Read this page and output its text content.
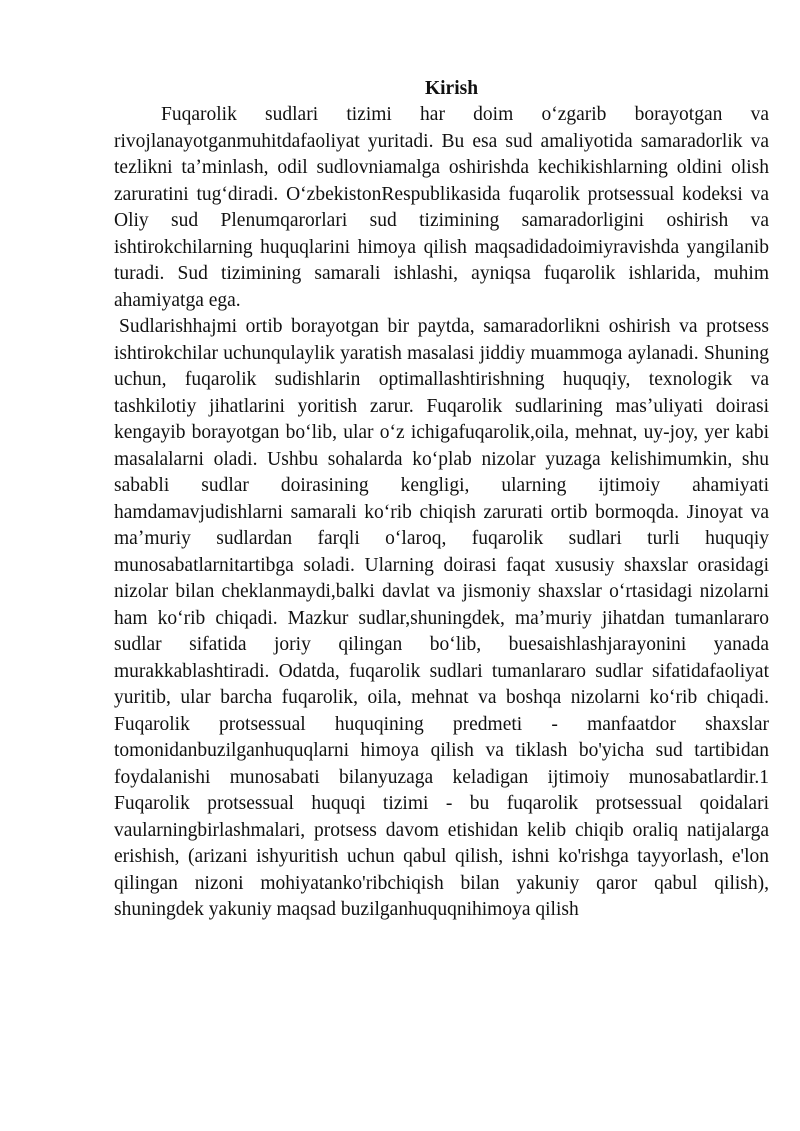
Kirish

Fuqarolik sudlari tizimi har doim oʻzgarib borayotgan va rivojlanayotganmuhitdafaoliyat yuritadi. Bu esa sud amaliyotida samaradorlik va tezlikni taʼminlash, odil sudlovniamalga oshirishda kechikishlarning oldini olish zaruratini tugʻdiradi. OʻzbekistonRespublikasida fuqarolik protsessual kodeksi va Oliy sud Plenumqarorlari sud tizimining samaradorligini oshirish va ishtirokchilarning huquqlarini himoya qilish maqsadidadoimiyravishda yangilanib turadi. Sud tizimining samarali ishlashi, ayniqsa fuqarolik ishlarida, muhim ahamiyatga ega.

Sudlarishhajmi ortib borayotgan bir paytda, samaradorlikni oshirish va protsess ishtirokchilar uchunqulaylik yaratish masalasi jiddiy muammoga aylanadi. Shuning uchun, fuqarolik sudishlarin optimallashtirishning huquqiy, texnologik va tashkilotiy jihatlarini yoritish zarur. Fuqarolik sudlarining masʼuliyati doirasi kengayib borayotgan boʻlib, ular oʻz ichigafuqarolik,oila, mehnat, uy-joy, yer kabi masalalarni oladi. Ushbu sohalarda koʻplab nizolar yuzaga kelishimumkin, shu sababli sudlar doirasining kengligi, ularning ijtimoiy ahamiyati hamdamavjudishlarni samarali koʻrib chiqish zarurati ortib bormoqda. Jinoyat va maʼmuriy sudlardan farqli oʻlaroq, fuqarolik sudlari turli huquqiy munosabatlarnitartibga soladi. Ularning doirasi faqat xususiy shaxslar orasidagi nizolar bilan cheklanmaydi,balki davlat va jismoniy shaxslar oʻrtasidagi nizolarni ham koʻrib chiqadi. Mazkur sudlar,shuningdek, maʼmuriy jihatdan tumanlararo sudlar sifatida joriy qilingan boʻlib, buesaishlashjarayonini yanada murakkablashtiradi. Odatda, fuqarolik sudlari tumanlararo sudlar sifatidafaoliyat yuritib, ular barcha fuqarolik, oila, mehnat va boshqa nizolarni koʻrib chiqadi. Fuqarolik protsessual huquqining predmeti - manfaatdor shaxslar tomonidanbuzilganhuquqlarni himoya qilish va tiklash bo'yicha sud tartibidan foydalanishi munosabati bilanyuzaga keladigan ijtimoiy munosabatlardir.1 Fuqarolik protsessual huquqi tizimi - bu fuqarolik protsessual qoidalari vaularningbirlashmalari, protsess davom etishidan kelib chiqib oraliq natijalarga erishish, (arizani ishyuritish uchun qabul qilish, ishni ko'rishga tayyorlash, e'lon qilingan nizoni mohiyatanko'ribchiqish bilan yakuniy qaror qabul qilish), shuningdek yakuniy maqsad buzilganhuquqnihimoya qilish
